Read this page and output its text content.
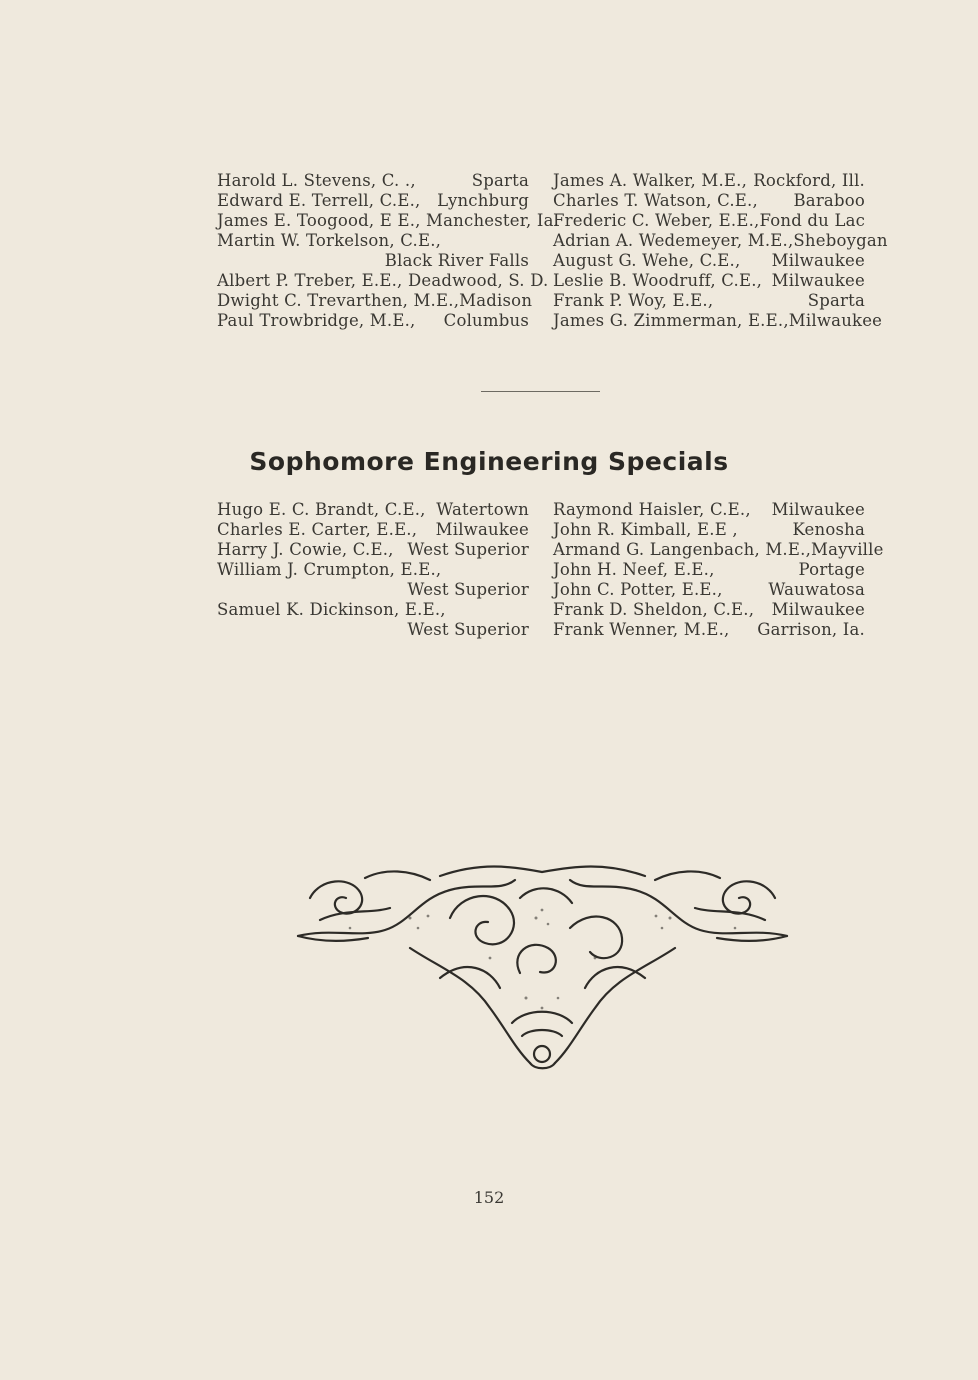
Harold L. Stevens, C. .,	Sparta
Edward E. Terrell, C.E., Lynchburg
James E. Toogood, E E., Manchester, Ia.
Martin W. Torkelson, C.E.,
Black River Falls
Albert P. Treber, E.E., Deadwood, S. D.
Dwight C. Trevarthen, M.E., Madison
Paul Trowbridge, M.E., Columbus
James A. Walker, M.E., Rockford, Ill.
Charles T. Watson, C.E., Baraboo
Frederic C. Weber, E.E., Fond du Lac
Adrian A. Wedemeyer, M.E., Sheboygan
August G. Wehe, C.E., Milwaukee
Leslie B. Woodruff, C.E., Milwaukee
Frank P. Woy, E.E.,	Sparta
James G. Zimmerman, E.E., Milwaukee
Sophomore Engineering Specials
Hugo E. C. Brandt, C.E., Watertown
Charles E. Carter, E.E., Milwaukee
Harry J. Cowie, C.E., West Superior
William J. Crumpton, E.E.,
West Superior
Samuel K. Dickinson, E.E.,
West Superior
Raymond Haisler, C.E., Milwaukee
John R. Kimball, E.E ,	Kenosha
Armand G. Langenbach, M.E., Mayville
John H. Neef, E.E.,	Portage
John C. Potter, E.E.,	Wauwatosa
Frank D. Sheldon, C.E., Milwaukee
Frank Wenner, M.E., Garrison, Ia.
152
